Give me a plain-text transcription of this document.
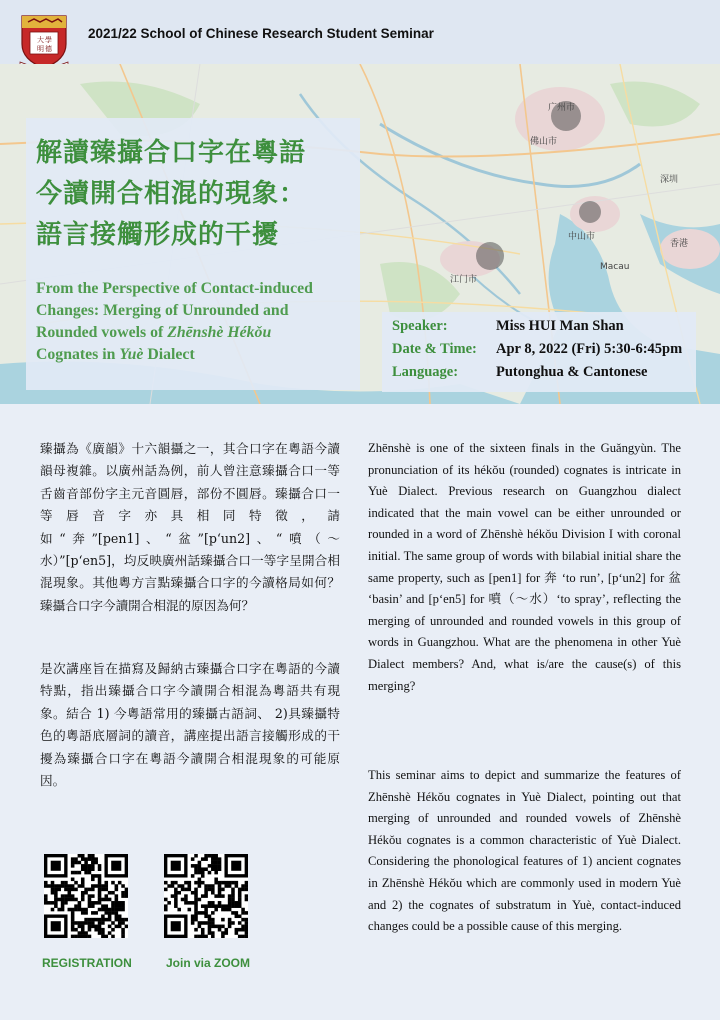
大 學
明 德
2021/22 School of Chinese Research Student Seminar
广州市
佛山市
中山市
江门市
香港
Macau
深圳
解讀臻攝合口字在粵語
今讀開合相混的現象：
語言接觸形成的干擾
From the Perspective of Contact-induced
Changes: Merging of Unrounded and
Rounded vowels of Zhēnshè Hékǒu
Cognates in Yuè Dialect
Speaker:	Miss HUI Man Shan
Date & Time: Apr 8, 2022 (Fri) 5:30-6:45pm
Language:	Putonghua & Cantonese
臻攝為《廣韻》十六韻攝之一，其合口字在粵語今讀韻母複雜。以廣州話為例，前人曾注意臻攝合口一等舌齒音部份字主元音圓唇，部份不圓唇。臻攝合口一等唇音字亦具相同特徵，請如“奔”[pen1]、“盆”[pʻun2]、“噴（～水）”[pʻen5]，均反映廣州話臻攝合口一等字呈開合相混現象。其他粵方言點臻攝合口字的今讀格局如何？臻攝合口字今讀開合相混的原因為何？
是次講座旨在描寫及歸納古臻攝合口字在粵語的今讀特點，指出臻攝合口字今讀開合相混為粵語共有現象。結合 1) 今粵語常用的臻攝古語詞、 2)具臻攝特色的粵語底層詞的讀音，講座提出語言接觸形成的干擾為臻攝合口字在粵語今讀開合相混現象的可能原因。
Zhēnshè is one of the sixteen finals in the Guǎngyùn. The pronunciation of its hékǒu (rounded) cognates is intricate in Yuè Dialect. Previous research on Guangzhou dialect indicated that the main vowel can be either unrounded or rounded in a word of Zhēnshè hékǒu Division I with coronal initial. The same group of words with bilabial initial share the same property, such as [pen1] for 奔 ‘to run’, [pʻun2] for 盆 ‘basin’ and [pʻen5] for 噴（～水）‘to spray’, reflecting the merging of unrounded and rounded vowels in this group of words in Guangzhou. What are the phenomena in other Yuè Dialect members? And, what is/are the cause(s) of this merging?
This seminar aims to depict and summarize the features of Zhēnshè Hékǒu cognates in Yuè Dialect, pointing out that merging of unrounded and rounded vowels of Zhēnshè Hékǒu cognates is a common characteristic of Yuè Dialect. Considering the phonological features of 1) ancient cognates in Zhēnshè Hékǒu which are commonly used in modern Yuè and 2) the cognates of substratum in Yuè, contact-induced changes could be a possible cause of this merging.
REGISTRATION	Join via ZOOM
